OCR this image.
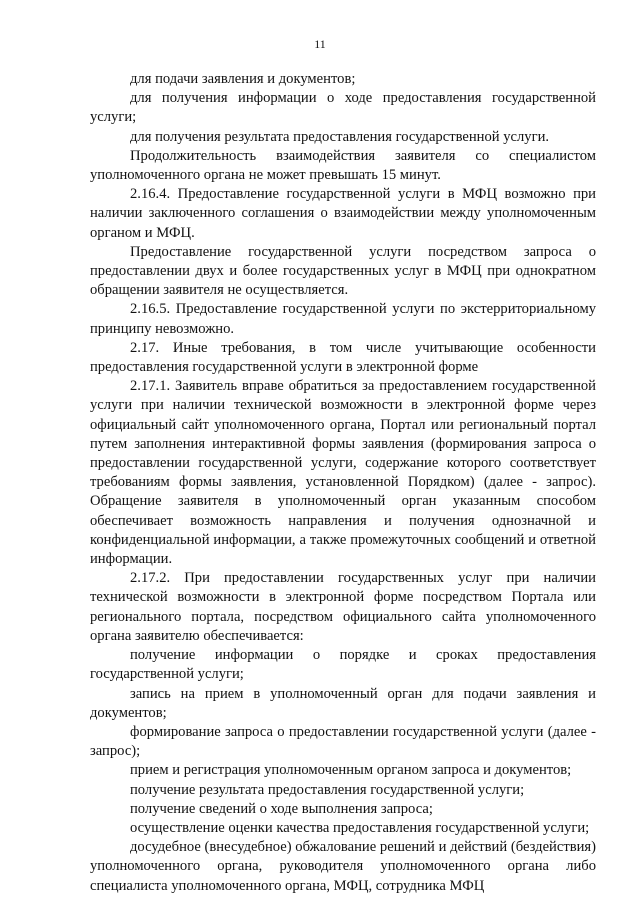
11

для подачи заявления и документов;

для получения информации о ходе предоставления государственной услуги;

для получения результата предоставления государственной услуги.

Продолжительность взаимодействия заявителя со специалистом уполномоченного органа не может превышать 15 минут.

2.16.4. Предоставление государственной услуги в МФЦ возможно при наличии заключенного соглашения о взаимодействии между уполномоченным органом и МФЦ.

Предоставление государственной услуги посредством запроса о предоставлении двух и более государственных услуг в МФЦ при однократном обращении заявителя не осуществляется.

2.16.5. Предоставление государственной услуги по экстерриториальному принципу невозможно.

2.17. Иные требования, в том числе учитывающие особенности предоставления государственной услуги в электронной форме

2.17.1. Заявитель вправе обратиться за предоставлением государственной услуги при наличии технической возможности в электронной форме через официальный сайт уполномоченного органа, Портал или региональный портал путем заполнения интерактивной формы заявления (формирования запроса о предоставлении государственной услуги, содержание которого соответствует требованиям формы заявления, установленной Порядком) (далее - запрос). Обращение заявителя в уполномоченный орган указанным способом обеспечивает возможность направления и получения однозначной и конфиденциальной информации, а также промежуточных сообщений и ответной информации.

2.17.2. При предоставлении государственных услуг при наличии технической возможности в электронной форме посредством Портала или регионального портала, посредством официального сайта уполномоченного органа заявителю обеспечивается:

получение информации о порядке и сроках предоставления государственной услуги;

запись на прием в уполномоченный орган для подачи заявления и документов;

формирование запроса о предоставлении государственной услуги (далее - запрос);

прием и регистрация уполномоченным органом запроса и документов;

получение результата предоставления государственной услуги;

получение сведений о ходе выполнения запроса;

осуществление оценки качества предоставления государственной услуги;

досудебное (внесудебное) обжалование решений и действий (бездействия) уполномоченного органа, руководителя уполномоченного органа либо специалиста уполномоченного органа, МФЦ, сотрудника МФЦ
